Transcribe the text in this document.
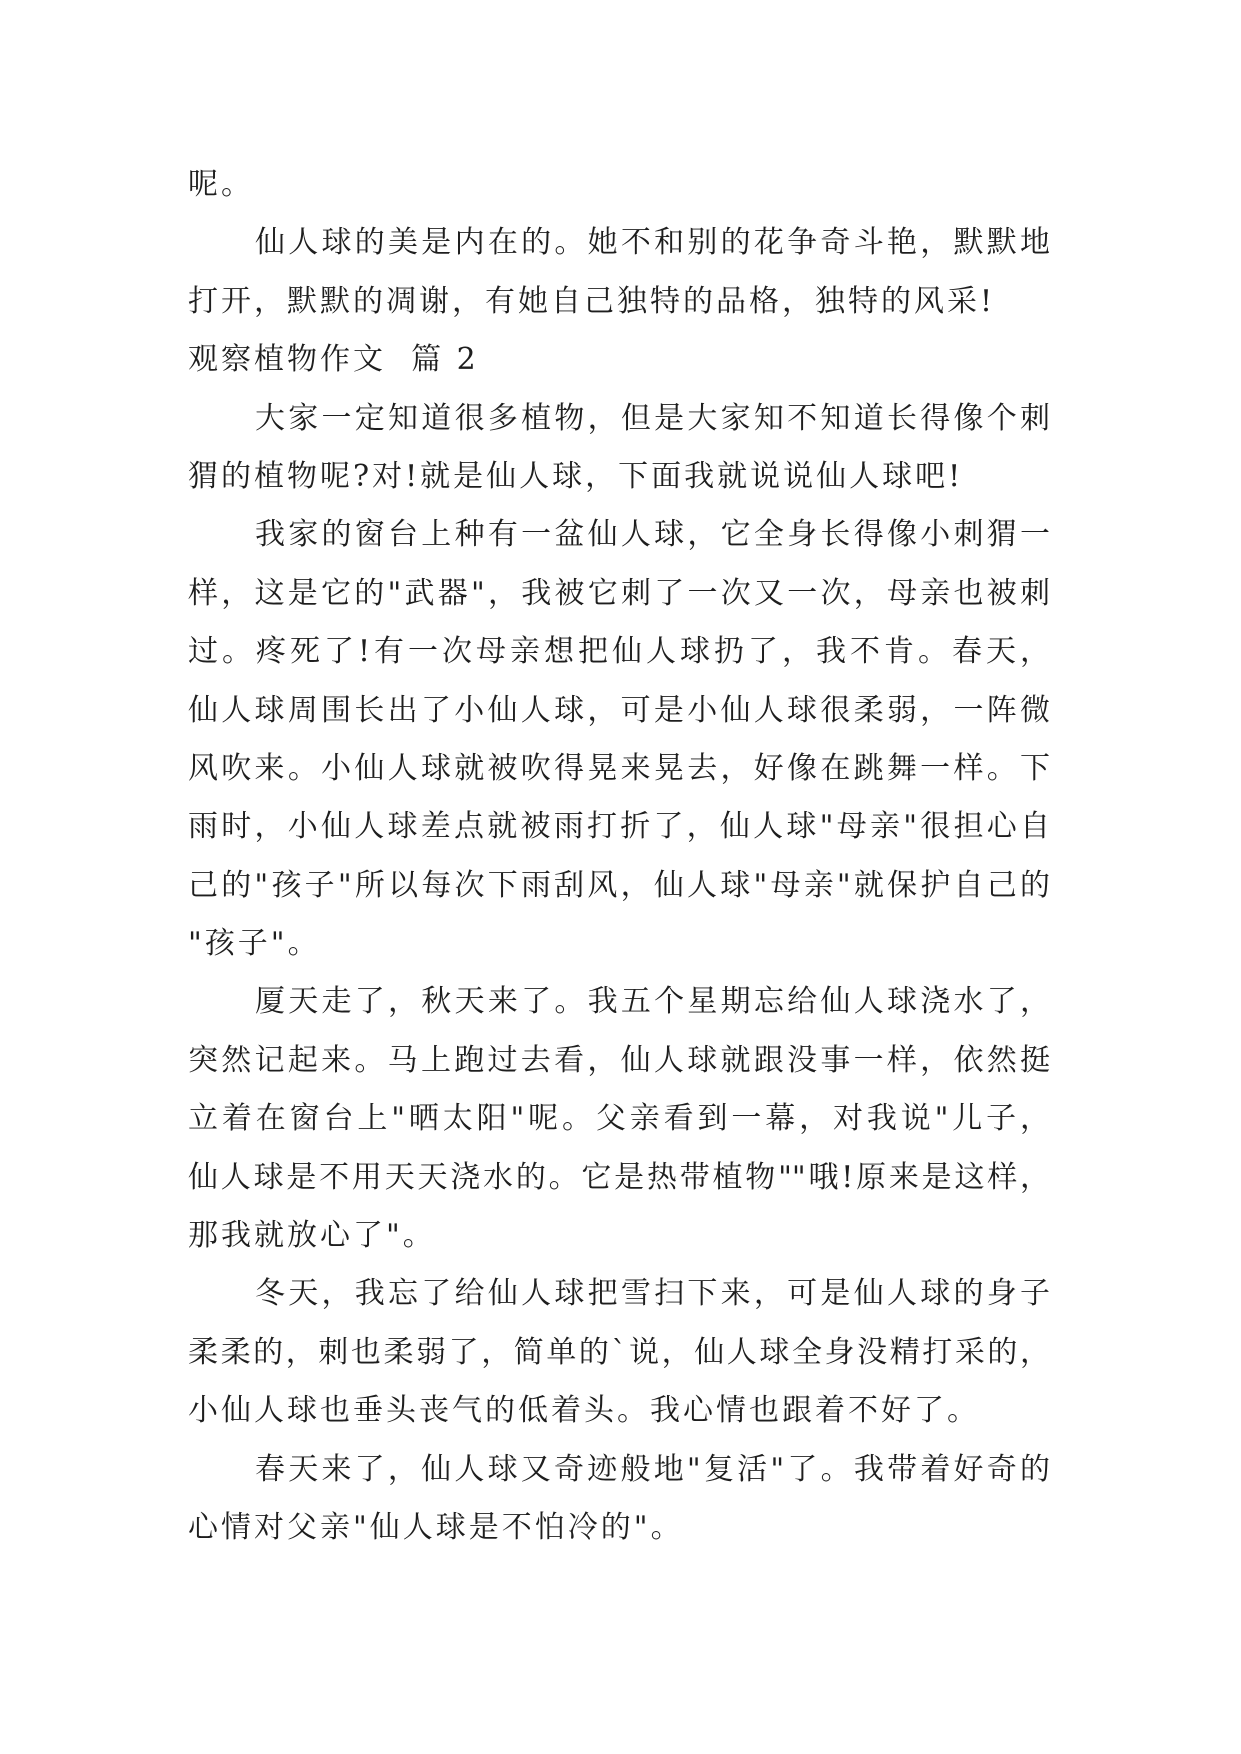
呢。
仙人球的美是内在的。她不和别的花争奇斗艳，默默地
打开，默默的凋谢，有她自己独特的品格，独特的风采!
观察植物作文  篇 2
大家一定知道很多植物，但是大家知不知道长得像个刺
猬的植物呢?对!就是仙人球，下面我就说说仙人球吧!
我家的窗台上种有一盆仙人球，它全身长得像小刺猬一
样，这是它的"武器"，我被它刺了一次又一次，母亲也被刺
过。疼死了!有一次母亲想把仙人球扔了，我不肯。春天，
仙人球周围长出了小仙人球，可是小仙人球很柔弱，一阵微
风吹来。小仙人球就被吹得晃来晃去，好像在跳舞一样。下
雨时，小仙人球差点就被雨打折了，仙人球"母亲"很担心自
己的"孩子"所以每次下雨刮风，仙人球"母亲"就保护自己的
"孩子"。
厦天走了，秋天来了。我五个星期忘给仙人球浇水了，
突然记起来。马上跑过去看，仙人球就跟没事一样，依然挺
立着在窗台上"晒太阳"呢。父亲看到一幕，对我说"儿子，
仙人球是不用天天浇水的。它是热带植物""哦!原来是这样，
那我就放心了"。
冬天，我忘了给仙人球把雪扫下来，可是仙人球的身子
柔柔的，刺也柔弱了，简单的`说，仙人球全身没精打采的，
小仙人球也垂头丧气的低着头。我心情也跟着不好了。
春天来了，仙人球又奇迹般地"复活"了。我带着好奇的
心情对父亲"仙人球是不怕冷的"。
